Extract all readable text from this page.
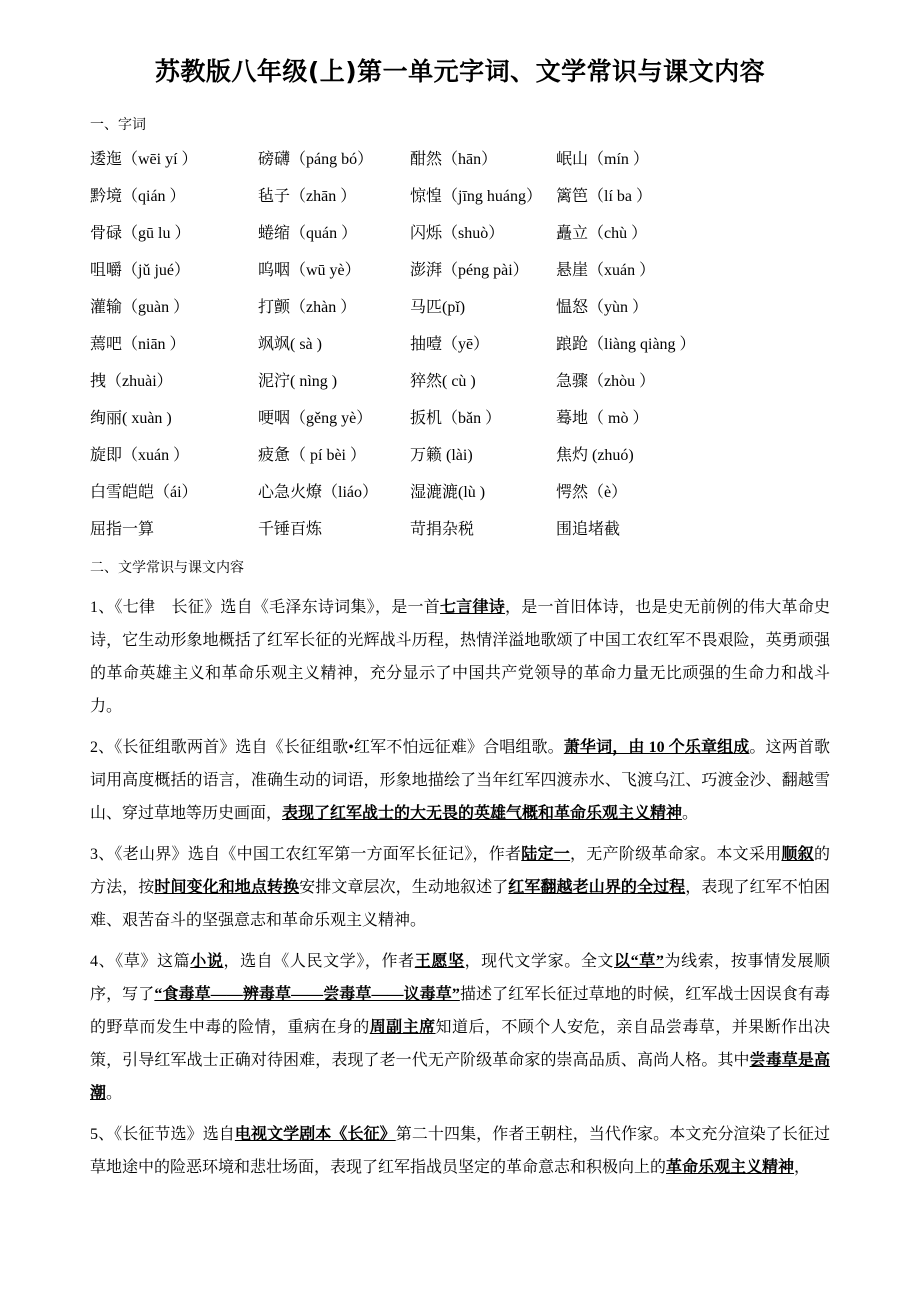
苏教版八年级(上)第一单元字词、文学常识与课文内容
一、字词
逶迤（wēi yí ）	磅礴（páng bó）	酣然（hān）	岷山（mín ）
黔境（qián ）	毡子（zhān ）	惊惶（jīng huáng） 篱笆（lí ba ）
骨碌（gū lu ）	蜷缩（quán ）	闪烁（shuò）	矗立（chù ）
咀嚼（jǔ jué）	呜咽（wū yè）	澎湃（péng pài）	悬崖（xuán ）
灌输（guàn ）	打颤（zhàn ）	马匹(pǐ)	愠怒（yùn ）
蔫吧（niān ）	飒飒( sà )	抽噎（yē）	踉跄（liàng qiàng ）
拽（zhuài）	泥泞( nìng )	猝然( cù )	急骤（zhòu ）
绚丽( xuàn )	哽咽（gěng yè）	扳机（bǎn ）	蓦地（ mò ）
旋即（xuán ）	疲惫（ pí bèi ）	万籁 (lài)	焦灼 (zhuó)
白雪皑皑（ái）	心急火燎（liáo）	湿漉漉(lù )	愕然（è）
屈指一算	千锤百炼	苛捐杂税	围追堵截
二、文学常识与课文内容

1、《七律　长征》选自《毛泽东诗词集》，是一首七言律诗，是一首旧体诗，也是史无前例的伟大革命史诗，它生动形象地概括了红军长征的光辉战斗历程，热情洋溢地歌颂了中国工农红军不畏艰险，英勇顽强的革命英雄主义和革命乐观主义精神，充分显示了中国共产党领导的革命力量无比顽强的生命力和战斗力。

2、《长征组歌两首》选自《长征组歌•红军不怕远征难》合唱组歌。萧华词，由 10 个乐章组成。这两首歌词用高度概括的语言，准确生动的词语，形象地描绘了当年红军四渡赤水、飞渡乌江、巧渡金沙、翻越雪山、穿过草地等历史画面，表现了红军战士的大无畏的英雄气概和革命乐观主义精神。

3、《老山界》选自《中国工农红军第一方面军长征记》，作者陆定一，无产阶级革命家。本文采用顺叙的方法，按时间变化和地点转换安排文章层次，生动地叙述了红军翻越老山界的全过程，表现了红军不怕困难、艰苦奋斗的坚强意志和革命乐观主义精神。

4、《草》这篇小说，选自《人民文学》，作者王愿坚，现代文学家。全文以“草”为线索，按事情发展顺序，写了“食毒草——辨毒草——尝毒草——议毒草”描述了红军长征过草地的时候，红军战士因误食有毒的野草而发生中毒的险情，重病在身的周副主席知道后，不顾个人安危，亲自品尝毒草，并果断作出决策，引导红军战士正确对待困难，表现了老一代无产阶级革命家的崇高品质、高尚人格。其中尝毒草是高潮。

5、《长征节选》选自电视文学剧本《长征》第二十四集，作者王朝柱，当代作家。本文充分渲染了长征过草地途中的险恶环境和悲壮场面，表现了红军指战员坚定的革命意志和积极向上的革命乐观主义精神，
